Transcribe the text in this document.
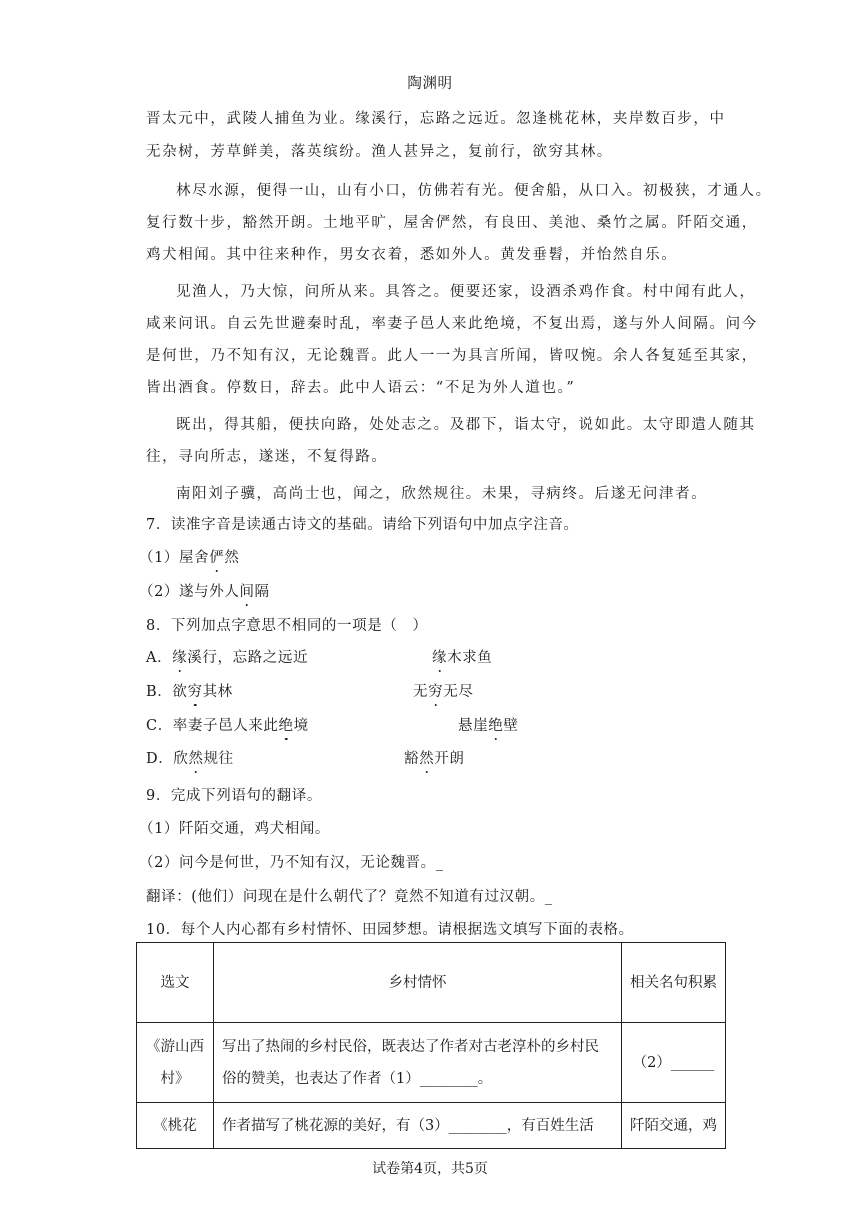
陶渊明
晋太元中，武陵人捕鱼为业。缘溪行，忘路之远近。忽逢桃花林，夹岸数百步，中
无杂树，芳草鲜美，落英缤纷。渔人甚异之，复前行，欲穷其林。
林尽水源，便得一山，山有小口，仿佛若有光。便舍船，从口入。初极狭，才通人。
复行数十步，豁然开朗。土地平旷，屋舍俨然，有良田、美池、桑竹之属。阡陌交通，
鸡犬相闻。其中往来种作，男女衣着，悉如外人。黄发垂髫，并怡然自乐。
见渔人，乃大惊，问所从来。具答之。便要还家，设酒杀鸡作食。村中闻有此人，
咸来问讯。自云先世避秦时乱，率妻子邑人来此绝境，不复出焉，遂与外人间隔。问今
是何世，乃不知有汉，无论魏晋。此人一一为具言所闻，皆叹惋。余人各复延至其家，
皆出酒食。停数日，辞去。此中人语云：“不足为外人道也。”
既出，得其船，便扶向路，处处志之。及郡下，诣太守，说如此。太守即遣人随其
往，寻向所志，遂迷，不复得路。
南阳刘子骥，高尚士也，闻之，欣然规往。未果，寻病终。后遂无问津者。
7．读准字音是读通古诗文的基础。请给下列语句中加点字注音。
（1）屋舍俨然
（2）遂与外人间隔
8．下列加点字意思不相同的一项是（　）
A．缘溪行，忘路之远近	缘木求鱼
B．欲穷其林	无穷无尽
C．率妻子邑人来此绝境	悬崖绝壁
D．欣然规往	豁然开朗
9．完成下列语句的翻译。
（1）阡陌交通，鸡犬相闻。
（2）问今是何世，乃不知有汉，无论魏晋。_
翻译：(他们）问现在是什么朝代了？竟然不知道有过汉朝。_
10．每个人内心都有乡村情怀、田园梦想。请根据选文填写下面的表格。
选文	乡村情怀	相关名句积累
《游山西村》	写出了热闹的乡村民俗，既表达了作者对古老淳朴的乡村民俗的赞美，也表达了作者（1）________。	（2）______
《桃花	作者描写了桃花源的美好，有（3）________，有百姓生活	阡陌交通，鸡
试卷第4页，共5页
